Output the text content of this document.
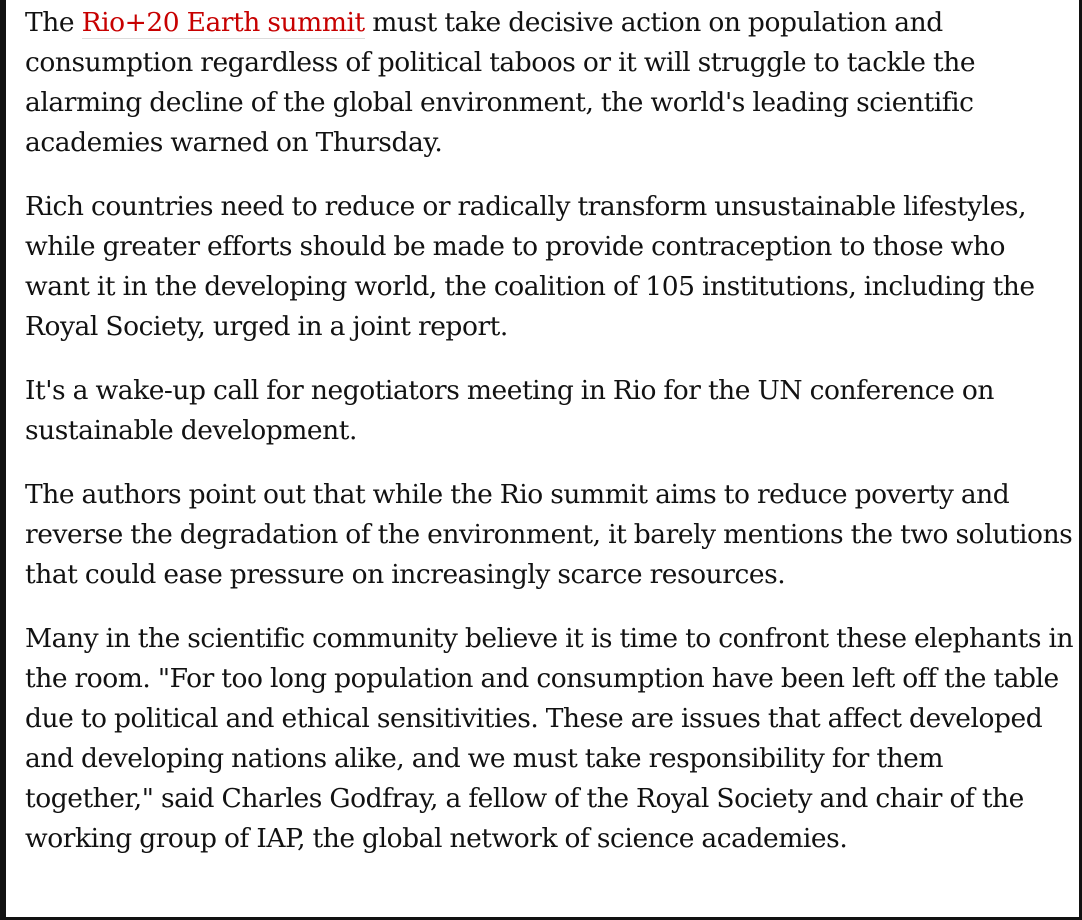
The Rio+20 Earth summit must take decisive action on population and consumption regardless of political taboos or it will struggle to tackle the alarming decline of the global environment, the world's leading scientific academies warned on Thursday.

Rich countries need to reduce or radically transform unsustainable lifestyles, while greater efforts should be made to provide contraception to those who want it in the developing world, the coalition of 105 institutions, including the Royal Society, urged in a joint report.

It's a wake-up call for negotiators meeting in Rio for the UN conference on sustainable development.

The authors point out that while the Rio summit aims to reduce poverty and reverse the degradation of the environment, it barely mentions the two solutions that could ease pressure on increasingly scarce resources.

Many in the scientific community believe it is time to confront these elephants in the room. "For too long population and consumption have been left off the table due to political and ethical sensitivities. These are issues that affect developed and developing nations alike, and we must take responsibility for them together," said Charles Godfray, a fellow of the Royal Society and chair of the working group of IAP, the global network of science academies.
